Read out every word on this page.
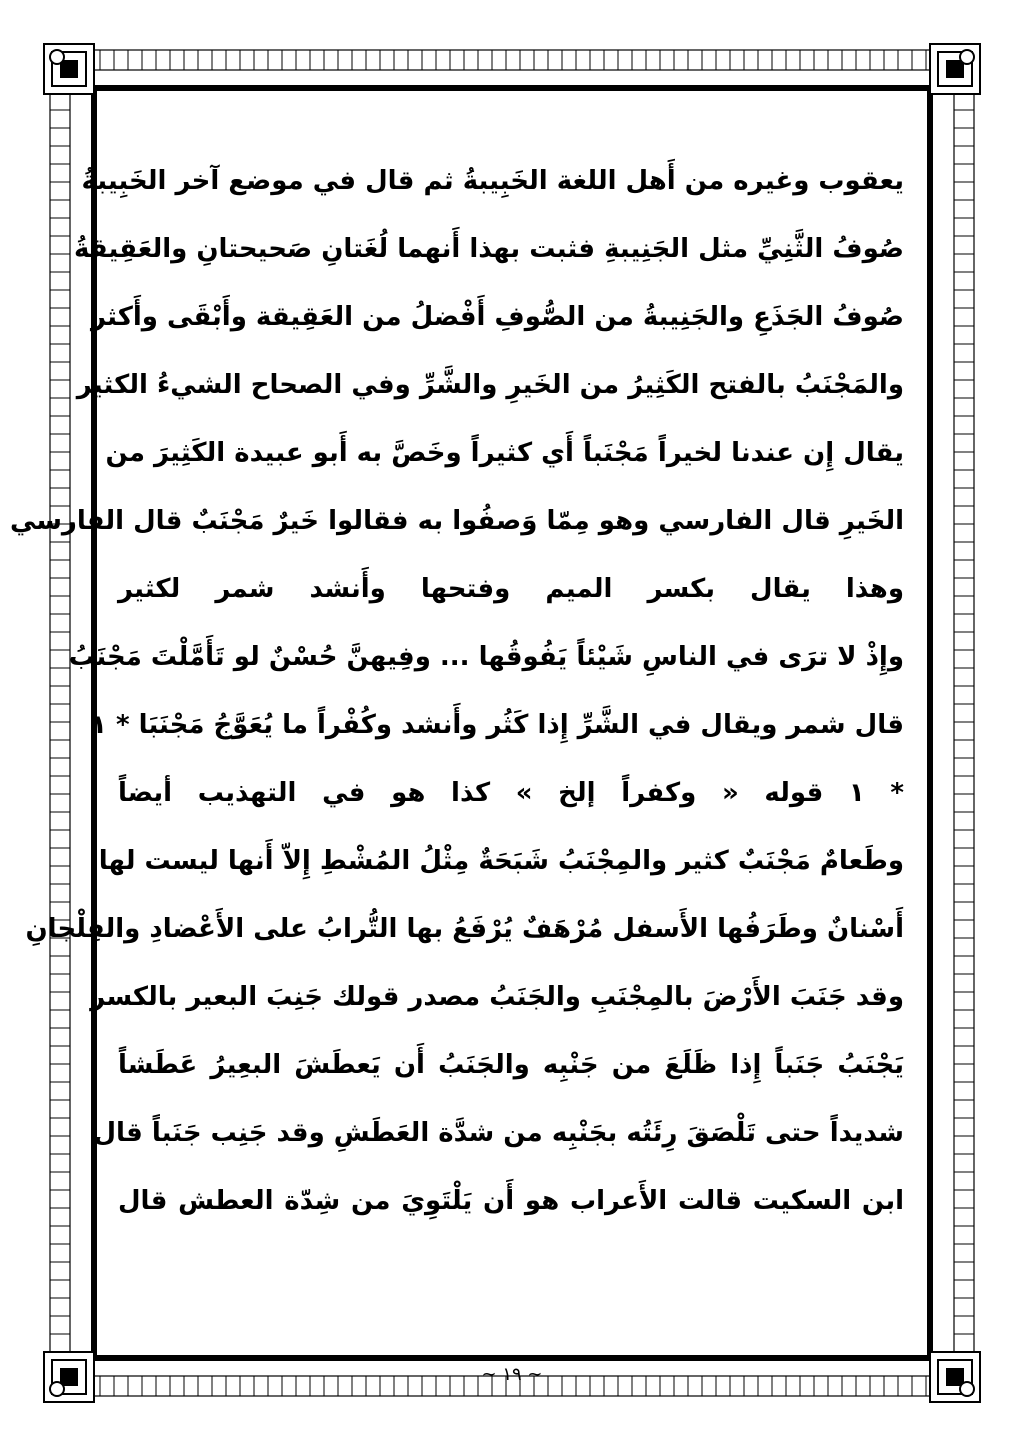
يعقوب وغيره من أَهل اللغة الخَبِيبةُ ثم قال في موضع آخر الخَبِيبةُ
صُوفُ الثَّنِيِّ مثل الجَنِيبةِ فثبت بهذا أَنهما لُغَتانِ صَحيحتانِ والعَقِيقةُ
صُوفُ الجَذَعِ والجَنِيبةُ من الصُّوفِ أَفْضلُ من العَقِيقة وأَبْقَى وأَكثر
والمَجْنَبُ بالفتح الكَثِيرُ من الخَيرِ والشَّرِّ وفي الصحاح الشيءُ الكثير
يقال إِن عندنا لخيراً مَجْنَباً أَي كثيراً وخَصَّ به أَبو عبيدة الكَثِيرَ من
الخَيرِ قال الفارسي وهو مِمّا وَصفُوا به فقالوا خَيرٌ مَجْنَبٌ قال الفارسي
وهذا يقال بكسر الميم وفتحها وأَنشد شمر لكثير
وإِذْ لا ترَى في الناسِ شَيْئاً يَفُوقُها ... وفِيهنَّ حُسْنٌ لو تَأَمَّلْتَ مَجْنَبُ
قال شمر ويقال في الشَّرِّ إِذا كَثُر وأَنشد وكُفْراً ما يُعَوَّجُ مَجْنَبَا * ١
* ١ قوله « وكفراً إلخ » كذا هو في التهذيب أيضاً
وطَعامٌ مَجْنَبٌ كثير والمِجْنَبُ شَبَحَةٌ مِثْلُ المُشْطِ إِلاّ أَنها ليست لها
أَسْنانٌ وطَرَفُها الأَسفل مُرْهَفٌ يُرْفَعُ بها التُّرابُ على الأَعْضادِ والفِلْجانِ
وقد جَنَبَ الأَرْضَ بالمِجْنَبِ والجَنَبُ مصدر قولك جَنِبَ البعير بالكسر
يَجْنَبُ جَنَباً إِذا ظَلَعَ من جَنْبِه والجَنَبُ أَن يَعطَشَ البعِيرُ عَطَشاً
شديداً حتى تَلْصَقَ رِئَتُه بجَنْبِه من شدَّة العَطَشِ وقد جَنِب جَنَباً قال
ابن السكيت قالت الأَعراب هو أَن يَلْتَوِيَ من شِدّة العطش قال
~ ١٩ ~
